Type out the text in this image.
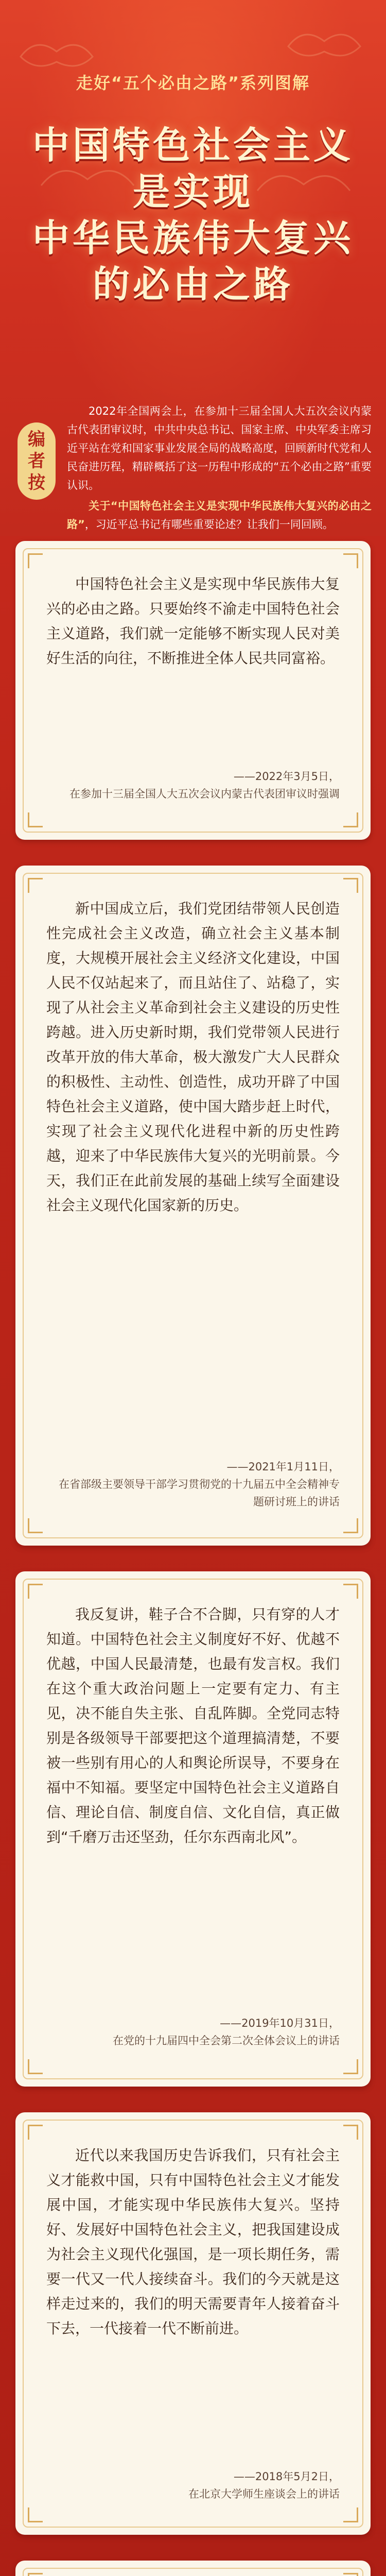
走好“五个必由之路”系列图解
中国特色社会主义
是实现
中华民族伟大复兴
的必由之路
编
者
按

2022年全国两会上，在参加十三届全国人大五次会议内蒙古代表团审议时，中共中央总书记、国家主席、中央军委主席习近平站在党和国家事业发展全局的战略高度，回顾新时代党和人民奋进历程，精辟概括了这一历程中形成的“五个必由之路”重要认识。

关于“中国特色社会主义是实现中华民族伟大复兴的必由之路”，习近平总书记有哪些重要论述？让我们一同回顾。

中国特色社会主义是实现中华民族伟大复兴的必由之路。只要始终不渝走中国特色社会主义道路，我们就一定能够不断实现人民对美好生活的向往，不断推进全体人民共同富裕。

——2022年3月5日，
在参加十三届全国人大五次会议内蒙古代表团审议时强调

新中国成立后，我们党团结带领人民创造性完成社会主义改造，确立社会主义基本制度，大规模开展社会主义经济文化建设，中国人民不仅站起来了，而且站住了、站稳了，实现了从社会主义革命到社会主义建设的历史性跨越。进入历史新时期，我们党带领人民进行改革开放的伟大革命，极大激发广大人民群众的积极性、主动性、创造性，成功开辟了中国特色社会主义道路，使中国大踏步赶上时代，实现了社会主义现代化进程中新的历史性跨越，迎来了中华民族伟大复兴的光明前景。今天，我们正在此前发展的基础上续写全面建设社会主义现代化国家新的历史。

——2021年1月11日，
在省部级主要领导干部学习贯彻党的十九届五中全会精神专题研讨班上的讲话

我反复讲，鞋子合不合脚，只有穿的人才知道。中国特色社会主义制度好不好、优越不优越，中国人民最清楚，也最有发言权。我们在这个重大政治问题上一定要有定力、有主见，决不能自失主张、自乱阵脚。全党同志特别是各级领导干部要把这个道理搞清楚，不要被一些别有用心的人和舆论所误导，不要身在福中不知福。要坚定中国特色社会主义道路自信、理论自信、制度自信、文化自信，真正做到“千磨万击还坚劲，任尔东西南北风”。

——2019年10月31日，
在党的十九届四中全会第二次全体会议上的讲话

近代以来我国历史告诉我们，只有社会主义才能救中国，只有中国特色社会主义才能发展中国，才能实现中华民族伟大复兴。坚持好、发展好中国特色社会主义，把我国建设成为社会主义现代化强国，是一项长期任务，需要一代又一代人接续奋斗。我们的今天就是这样走过来的，我们的明天需要青年人接着奋斗下去，一代接着一代不断前进。

——2018年5月2日，
在北京大学师生座谈会上的讲话
